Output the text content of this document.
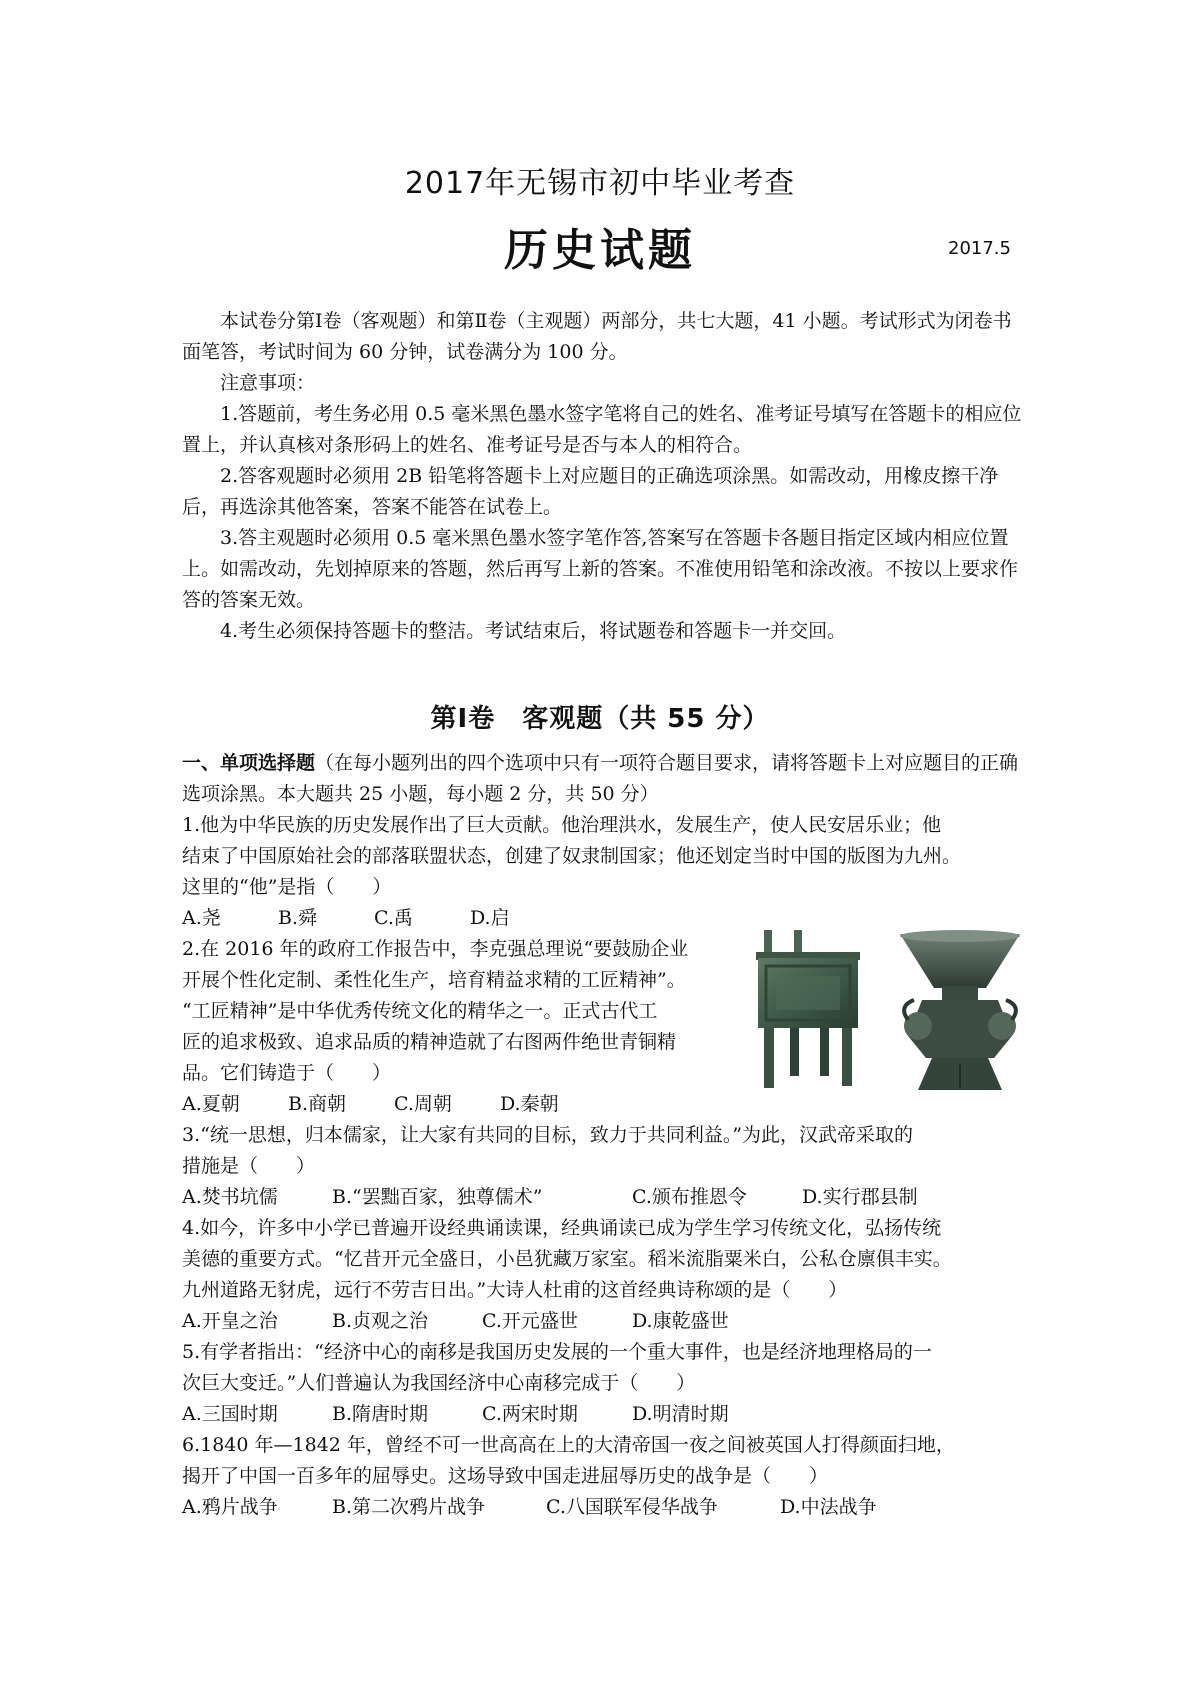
2017年无锡市初中毕业考查
历史试题	2017.5

本试卷分第Ⅰ卷（客观题）和第Ⅱ卷（主观题）两部分，共七大题，41 小题。考试形式为闭卷书面笔答，考试时间为 60 分钟，试卷满分为 100 分。

注意事项：

1.答题前，考生务必用 0.5 毫米黑色墨水签字笔将自己的姓名、准考证号填写在答题卡的相应位置上，并认真核对条形码上的姓名、准考证号是否与本人的相符合。

2.答客观题时必须用 2B 铅笔将答题卡上对应题目的正确选项涂黑。如需改动，用橡皮擦干净后，再选涂其他答案，答案不能答在试卷上。

3.答主观题时必须用 0.5 毫米黑色墨水签字笔作答,答案写在答题卡各题目指定区域内相应位置上。如需改动，先划掉原来的答题，然后再写上新的答案。不准使用铅笔和涂改液。不按以上要求作答的答案无效。

4.考生必须保持答题卡的整洁。考试结束后，将试题卷和答题卡一并交回。

第Ⅰ卷　客观题（共 55 分）

一、单项选择题（在每小题列出的四个选项中只有一项符合题目要求，请将答题卡上对应题目的正确选项涂黑。本大题共 25 小题，每小题 2 分，共 50 分）

1.他为中华民族的历史发展作出了巨大贡献。他治理洪水，发展生产，使人民安居乐业；他

结束了中国原始社会的部落联盟状态，创建了奴隶制国家；他还划定当时中国的版图为九州。

这里的“他”是指（　　）

A.尧	B.舜	C.禹	D.启

2.在 2016 年的政府工作报告中，李克强总理说“要鼓励企业

开展个性化定制、柔性化生产，培育精益求精的工匠精神”。

“工匠精神”是中华优秀传统文化的精华之一。正式古代工

匠的追求极致、追求品质的精神造就了右图两件绝世青铜精

品。它们铸造于（　　）

A.夏朝	B.商朝	C.周朝	D.秦朝

3.“统一思想，归本儒家，让大家有共同的目标，致力于共同利益。”为此，汉武帝采取的

措施是（　　）

A.焚书坑儒	B.“罢黜百家，独尊儒术”	C.颁布推恩令	D.实行郡县制

4.如今，许多中小学已普遍开设经典诵读课，经典诵读已成为学生学习传统文化，弘扬传统

美德的重要方式。“忆昔开元全盛日，小邑犹藏万家室。稻米流脂粟米白，公私仓廪俱丰实。

九州道路无豺虎，远行不劳吉日出。”大诗人杜甫的这首经典诗称颂的是（　　）

A.开皇之治	B.贞观之治	C.开元盛世	D.康乾盛世

5.有学者指出：“经济中心的南移是我国历史发展的一个重大事件，也是经济地理格局的一

次巨大变迁。”人们普遍认为我国经济中心南移完成于（　　）

A.三国时期	B.隋唐时期	C.两宋时期	D.明清时期

6.1840 年—1842 年，曾经不可一世高高在上的大清帝国一夜之间被英国人打得颜面扫地，

揭开了中国一百多年的屈辱史。这场导致中国走进屈辱历史的战争是（　　）

A.鸦片战争	B.第二次鸦片战争	C.八国联军侵华战争	D.中法战争
